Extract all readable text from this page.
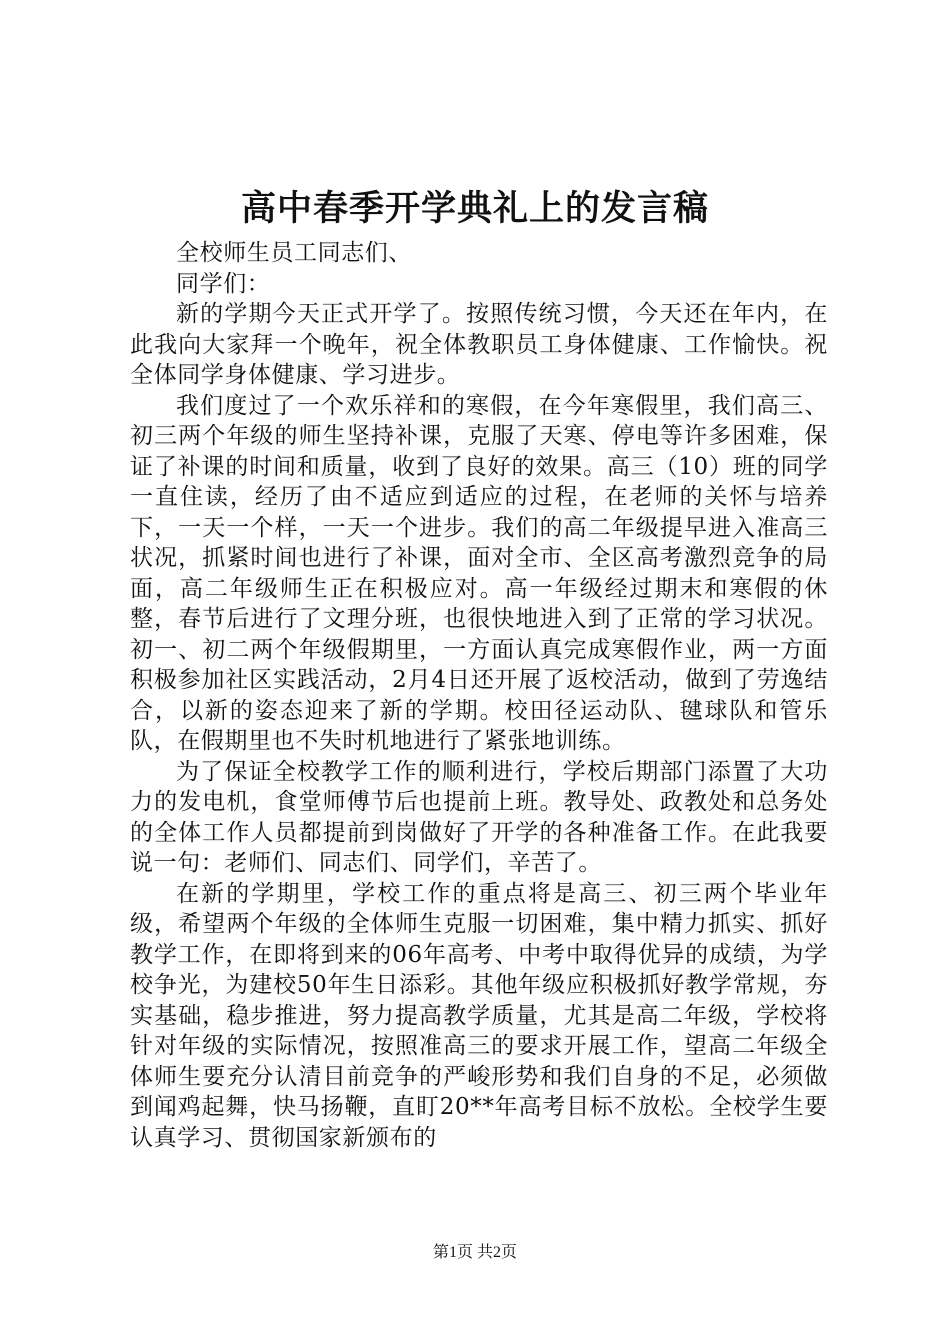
高中春季开学典礼上的发言稿

全校师生员工同志们、

同学们：

新的学期今天正式开学了。按照传统习惯，今天还在年内，在此我向大家拜一个晚年，祝全体教职员工身体健康、工作愉快。祝全体同学身体健康、学习进步。

我们度过了一个欢乐祥和的寒假，在今年寒假里，我们高三、初三两个年级的师生坚持补课，克服了天寒、停电等许多困难，保证了补课的时间和质量，收到了良好的效果。高三（10）班的同学一直住读，经历了由不适应到适应的过程，在老师的关怀与培养下，一天一个样，一天一个进步。我们的高二年级提早进入准高三状况，抓紧时间也进行了补课，面对全市、全区高考激烈竞争的局面，高二年级师生正在积极应对。高一年级经过期末和寒假的休整，春节后进行了文理分班，也很快地进入到了正常的学习状况。初一、初二两个年级假期里，一方面认真完成寒假作业，两一方面积极参加社区实践活动，2月4日还开展了返校活动，做到了劳逸结合，以新的姿态迎来了新的学期。校田径运动队、毽球队和管乐队，在假期里也不失时机地进行了紧张地训练。

为了保证全校教学工作的顺利进行，学校后期部门添置了大功力的发电机，食堂师傅节后也提前上班。教导处、政教处和总务处的全体工作人员都提前到岗做好了开学的各种准备工作。在此我要说一句：老师们、同志们、同学们，辛苦了。

在新的学期里，学校工作的重点将是高三、初三两个毕业年级，希望两个年级的全体师生克服一切困难，集中精力抓实、抓好教学工作，在即将到来的06年高考、中考中取得优异的成绩，为学校争光，为建校50年生日添彩。其他年级应积极抓好教学常规，夯实基础，稳步推进，努力提高教学质量，尤其是高二年级，学校将针对年级的实际情况，按照准高三的要求开展工作，望高二年级全体师生要充分认清目前竞争的严峻形势和我们自身的不足，必须做到闻鸡起舞，快马扬鞭，直盯20**年高考目标不放松。全校学生要认真学习、贯彻国家新颁布的

第1页 共2页
